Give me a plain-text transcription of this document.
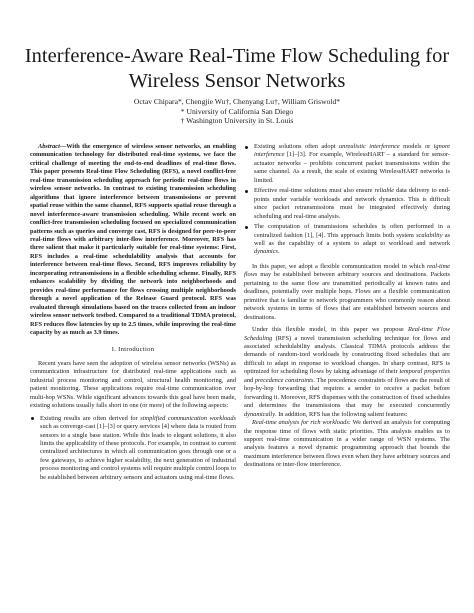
Interference-Aware Real-Time Flow Scheduling for Wireless Sensor Networks
Octav Chipara*, Chengjie Wu†, Chenyang Lu†, William Griswold*
* University of California San Diego
† Washington University in St. Louis

Abstract—With the emergence of wireless sensor networks, an enabling communication technology for distributed real-time systems, we face the critical challenge of meeting the end-to-end deadlines of real-time flows. This paper presents Real-time Flow Scheduling (RFS), a novel conflict-free real-time transmission scheduling approach for periodic real-time flows in wireless sensor networks. In contrast to existing transmission scheduling algorithms that ignore interference between transmissions or prevent spatial reuse within the same channel, RFS supports spatial reuse through a novel interference-aware transmission scheduling. While recent work on conflict-free transmission scheduling focused on specialized communication patterns such as queries and converge cast, RFS is designed for peer-to-peer real-time flows with arbitrary inter-flow interference. Moreover, RFS has three salient that make it particularly suitable for real-time systems: First, RFS includes a real-time schedulability analysis that accounts for interference between real-time flows. Second, RFS improves reliability by incorporating retransmissions in a flexible scheduling scheme. Finally, RFS enhances scalability by dividing the network into neighborhoods and provides real-time performance for flows crossing multiple neighborhoods through a novel application of the Release Guard protocol. RFS was evaluated through simulations based on the traces collected from an indoor wireless sensor network testbed. Compared to a traditional TDMA protocol, RFS reduces flow latencies by up to 2.5 times, while improving the real-time capacity by as much as 3.9 times.

I. Introduction

Recent years have seen the adoption of wireless sensor networks (WSNs) as communication infrastructure for distributed real-time applications such as industrial process monitoring and control, structural health monitoring, and patient monitoring. These applications require real-time communication over multi-hop WSNs. While significant advances towards this goal have been made, existing solutions usually falls short in one (or more) of the following aspects:

Existing results are often derived for simplified communication workloads such as converge-cast [1]–[3] or query services [4] where data is routed from sensors to a single base station. While this leads to elegant solutions, it also limits the applicability of these protocols. For example, in contrast to current centralized architectures in which all communication goes through one or a few gateways, to achieve higher scalability, the next generation of industrial process monitoring and control systems will require multiple control loops to be established between arbitrary sensors and actuators using real-time flows.
Existing solutions often adopt unrealistic interference models or ignore interference [1]–[3]. For example, WirelessHART – a standard for sensor-actuator networks – prohibits concurrent packet transmissions within the same channel. As a result, the scale of existing WirelessHART networks is limited.
Effective real-time solutions must also ensure reliable data delivery to end-points under variable workloads and network dynamics. This is difficult since packet retransmissions must be integrated effectively during scheduling and real-time analysis.
The computation of transmissions schedules is often performed in a centralized fashion [1], [4]. This approach limits both system scalability as well as the capability of a system to adapt to workload and network dynamics.

In this paper, we adopt a flexible communication model in which real-time flows may be established between arbitrary sources and destinations. Packets pertaining to the same flow are transmitted periodically at known rates and deadlines, potentially over multiple hops. Flows are a flexible communication primitive that is familiar to network programmers who commonly reason about network systems in terms of flows that are established between sources and destinations.

Under this flexible model, in this paper we propose Real-time Flow Scheduling (RFS) a novel transmission scheduling technique for flows and associated schedulability analysis. Classical TDMA protocols address the demands of random-ized workloads by constructing fixed schedules that are difficult to adapt in response to workload changes. In sharp contrast, RFS is optimized for scheduling flows by taking advantage of their temporal properties and precedence constraints. The precedence constraints of flows are the result of hop-by-hop forwarding that requires a sender to receive a packet before forwarding it. Moreover, RFS dispenses with the construction of fixed schedules and determines the transmissions that may be executed concurrently dynamically. In addition, RFS has the following salient features:

Real-time analysis for rich workloads: We derived an analysis for computing the response time of flows with static priorities. This analysis enables us to support real-time communication in a wider range of WSN systems. The analysis features a novel dynamic programming approach that bounds the maximum interference between flows even when they have arbitrary sources and destinations or inter-flow interference.
